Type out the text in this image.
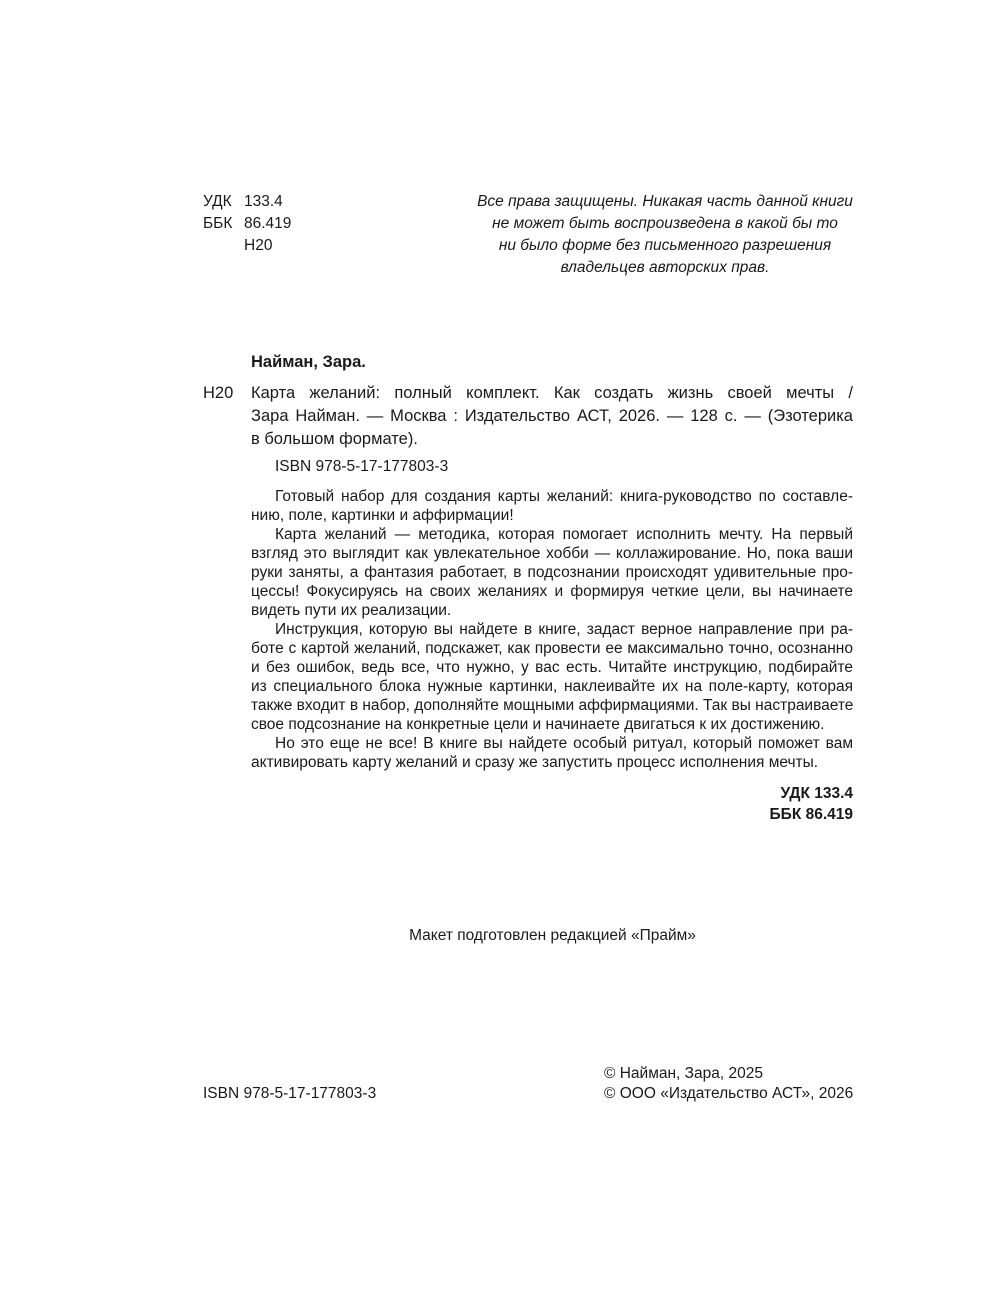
УДК 133.4
ББК 86.419
Н20
Все права защищены. Никакая часть данной книги
не может быть воспроизведена в какой бы то
ни было форме без письменного разрешения
владельцев авторских прав.
Найман, Зара.
Н20 Карта желаний: полный комплект. Как создать жизнь своей мечты /
Зара Найман. — Москва : Издательство АСТ, 2026. — 128 с. — (Эзотерика
в большом формате).
ISBN 978-5-17-177803-3
Готовый набор для создания карты желаний: книга-руководство по составле-
нию, поле, картинки и аффирмации!
Карта желаний — методика, которая помогает исполнить мечту. На первый
взгляд это выглядит как увлекательное хобби — коллажирование. Но, пока ваши
руки заняты, а фантазия работает, в подсознании происходят удивительные про-
цессы! Фокусируясь на своих желаниях и формируя четкие цели, вы начинаете
видеть пути их реализации.
Инструкция, которую вы найдете в книге, задаст верное направление при ра-
боте с картой желаний, подскажет, как провести ее максимально точно, осознанно
и без ошибок, ведь все, что нужно, у вас есть. Читайте инструкцию, подбирайте
из специального блока нужные картинки, наклеивайте их на поле-карту, которая
также входит в набор, дополняйте мощными аффирмациями. Так вы настраиваете
свое подсознание на конкретные цели и начинаете двигаться к их достижению.
Но это еще не все! В книге вы найдете особый ритуал, который поможет вам
активировать карту желаний и сразу же запустить процесс исполнения мечты.
УДК 133.4
ББК 86.419
Макет подготовлен редакцией «Прайм»
ISBN 978-5-17-177803-3
© Найман, Зара, 2025
© ООО «Издательство АСТ», 2026
